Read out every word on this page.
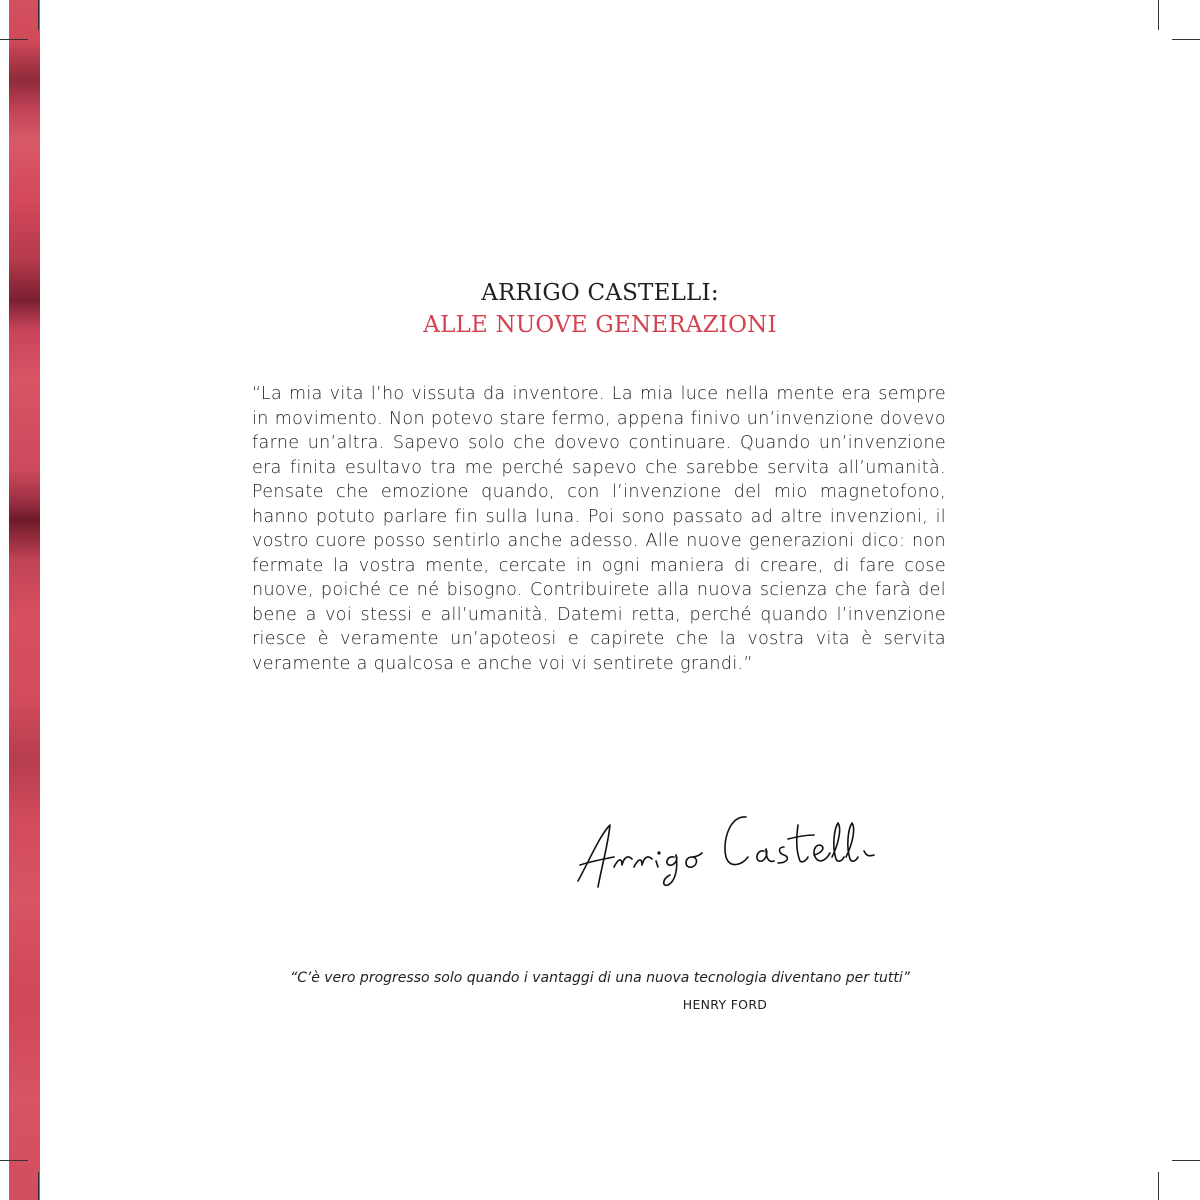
ARRIGO CASTELLI:
ALLE NUOVE GENERAZIONI

“La mia vita l’ho vissuta da inventore. La mia luce nella mente era sempre in movimento. Non potevo stare fermo, appena finivo un’invenzione dovevo farne un’altra. Sapevo solo che dovevo continuare. Quando un’invenzione era finita esultavo tra me perché sapevo che sarebbe servita all’umanità. Pensate che emozione quando, con l’invenzione del mio magnetofono, hanno potuto parlare fin sulla luna. Poi sono passato ad altre invenzioni, il vostro cuore posso sentirlo anche adesso. Alle nuove generazioni dico: non fermate la vostra mente, cercate in ogni maniera di creare, di fare cose nuove, poiché ce né bisogno. Contribuirete alla nuova scienza che farà del bene a voi stessi e all’umanità. Datemi retta, perché quando l’invenzione riesce è veramente un’apoteosi e capirete che la vostra vita è servita veramente a qualcosa e anche voi vi sentirete grandi.”

“C’è vero progresso solo quando i vantaggi di una nuova tecnologia diventano per tutti”
HENRY FORD
